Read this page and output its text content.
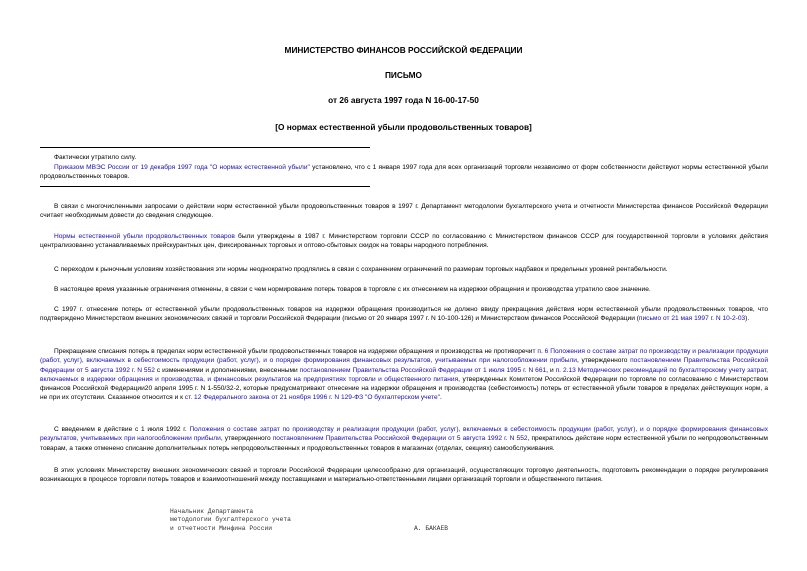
МИНИСТЕРСТВО ФИНАНСОВ РОССИЙСКОЙ ФЕДЕРАЦИИ
ПИСЬМО
от 26 августа 1997 года N 16-00-17-50
[О нормах естественной убыли продовольственных товаров]

Фактически утратило силу.

Приказом МВЭС России от 19 декабря 1997 года "О нормах естественной убыли" установлено, что с 1 января 1997 года для всех организаций торговли независимо от форм собственности действуют нормы естественной убыли продовольственных товаров.

В связи с многочисленными запросами о действии норм естественной убыли продовольственных товаров в 1997 г. Департамент методологии бухгалтерского учета и отчетности Министерства финансов Российской Федерации считает необходимым довести до сведения следующее.

Нормы естественной убыли продовольственных товаров были утверждены в 1987 г. Министерством торговли СССР по согласованию с Министерством финансов СССР для государственной торговли в условиях действия централизованно устанавливаемых прейскурантных цен, фиксированных торговых и оптово-сбытовых скидок на товары народного потребления.

С переходом к рыночным условиям хозяйствования эти нормы неоднократно продлялись в связи с сохранением ограничений по размерам торговых надбавок и предельных уровней рентабельности.

В настоящее время указанные ограничения отменены, в связи с чем нормирование потерь товаров в торговле с их отнесением на издержки обращения и производства утратило свое значение.

С 1997 г. отнесение потерь от естественной убыли продовольственных товаров на издержки обращения производиться не должно ввиду прекращения действия норм естественной убыли продовольственных товаров, что подтверждено Министерством внешних экономических связей и торговли Российской Федерации (письмо от 20 января 1997 г. N 10-100-126) и Министерством финансов Российской Федерации (письмо от 21 мая 1997 г. N 10-2-03).

Прекращение списания потерь в пределах норм естественной убыли продовольственных товаров на издержки обращения и производства не противоречит п. 6 Положения о составе затрат по производству и реализации продукции (работ, услуг), включаемых в себестоимость продукции (работ, услуг), и о порядке формирования финансовых результатов, учитываемых при налогообложении прибыли, утвержденного постановлением Правительства Российской Федерации от 5 августа 1992 г. N 552 с изменениями и дополнениями, внесенными постановлением Правительства Российской Федерации от 1 июля 1995 г. N 661, и п. 2.13 Методических рекомендаций по бухгалтерскому учету затрат, включаемых в издержки обращения и производства, и финансовых результатов на предприятиях торговли и общественного питания, утвержденных Комитетом Российской Федерации по торговле по согласованию с Министерством финансов Российской Федерации20 апреля 1995 г. N 1-550/32-2, которые предусматривают отнесение на издержки обращения и производства (себестоимость) потерь от естественной убыли товаров в пределах действующих норм, а не при их отсутствии. Сказанное относится и к ст. 12 Федерального закона от 21 ноября 1996 г. N 129-ФЗ "О бухгалтерском учете".

С введением в действие с 1 июля 1992 г. Положения о составе затрат по производству и реализации продукции (работ, услуг), включаемых в себестоимость продукции (работ, услуг), и о порядке формирования финансовых результатов, учитываемых при налогообложении прибыли, утвержденного постановлением Правительства Российской Федерации от 5 августа 1992 г. N 552, прекратилось действие норм естественной убыли по непродовольственным товарам, а также отменено списание дополнительных потерь непродовольственных и продовольственных товаров в магазинах (отделах, секциях) самообслуживания.

В этих условиях Министерству внешних экономических связей и торговли Российской Федерации целесообразно для организаций, осуществляющих торговую деятельность, подготовить рекомендации о порядке регулирования возникающих в процессе торговли потерь товаров и взаимоотношений между поставщиками и материально-ответственными лицами организаций торговли и общественного питания.

Начальник Департамента
методологии бухгалтерского учета
и отчетности Минфина России	А. БАКАЕВ
